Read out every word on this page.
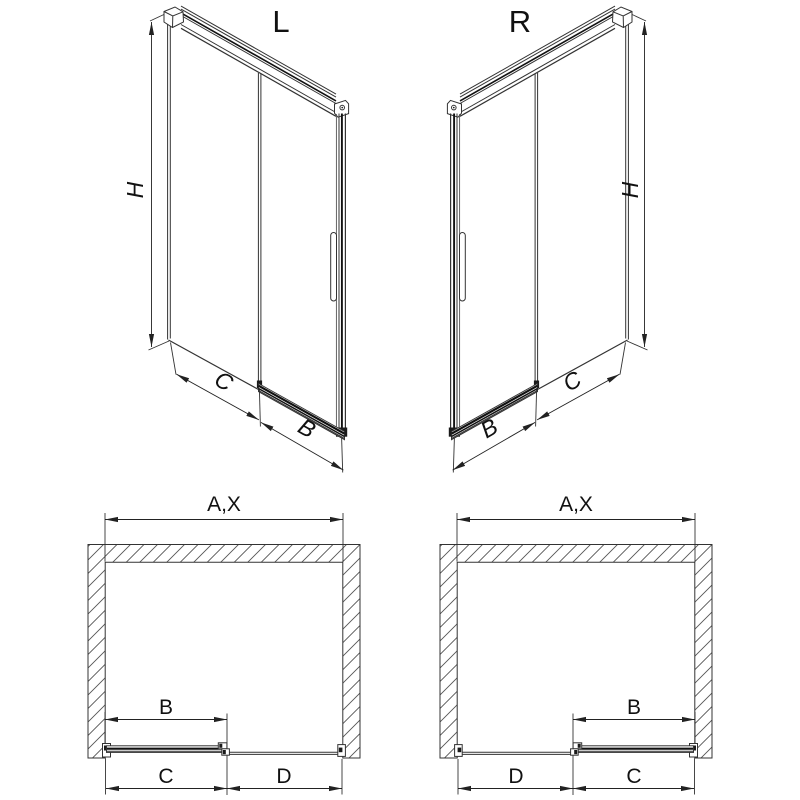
L
H
C
B
R
H
C
B
A,X
B
C	D
A,X
D	C
B
